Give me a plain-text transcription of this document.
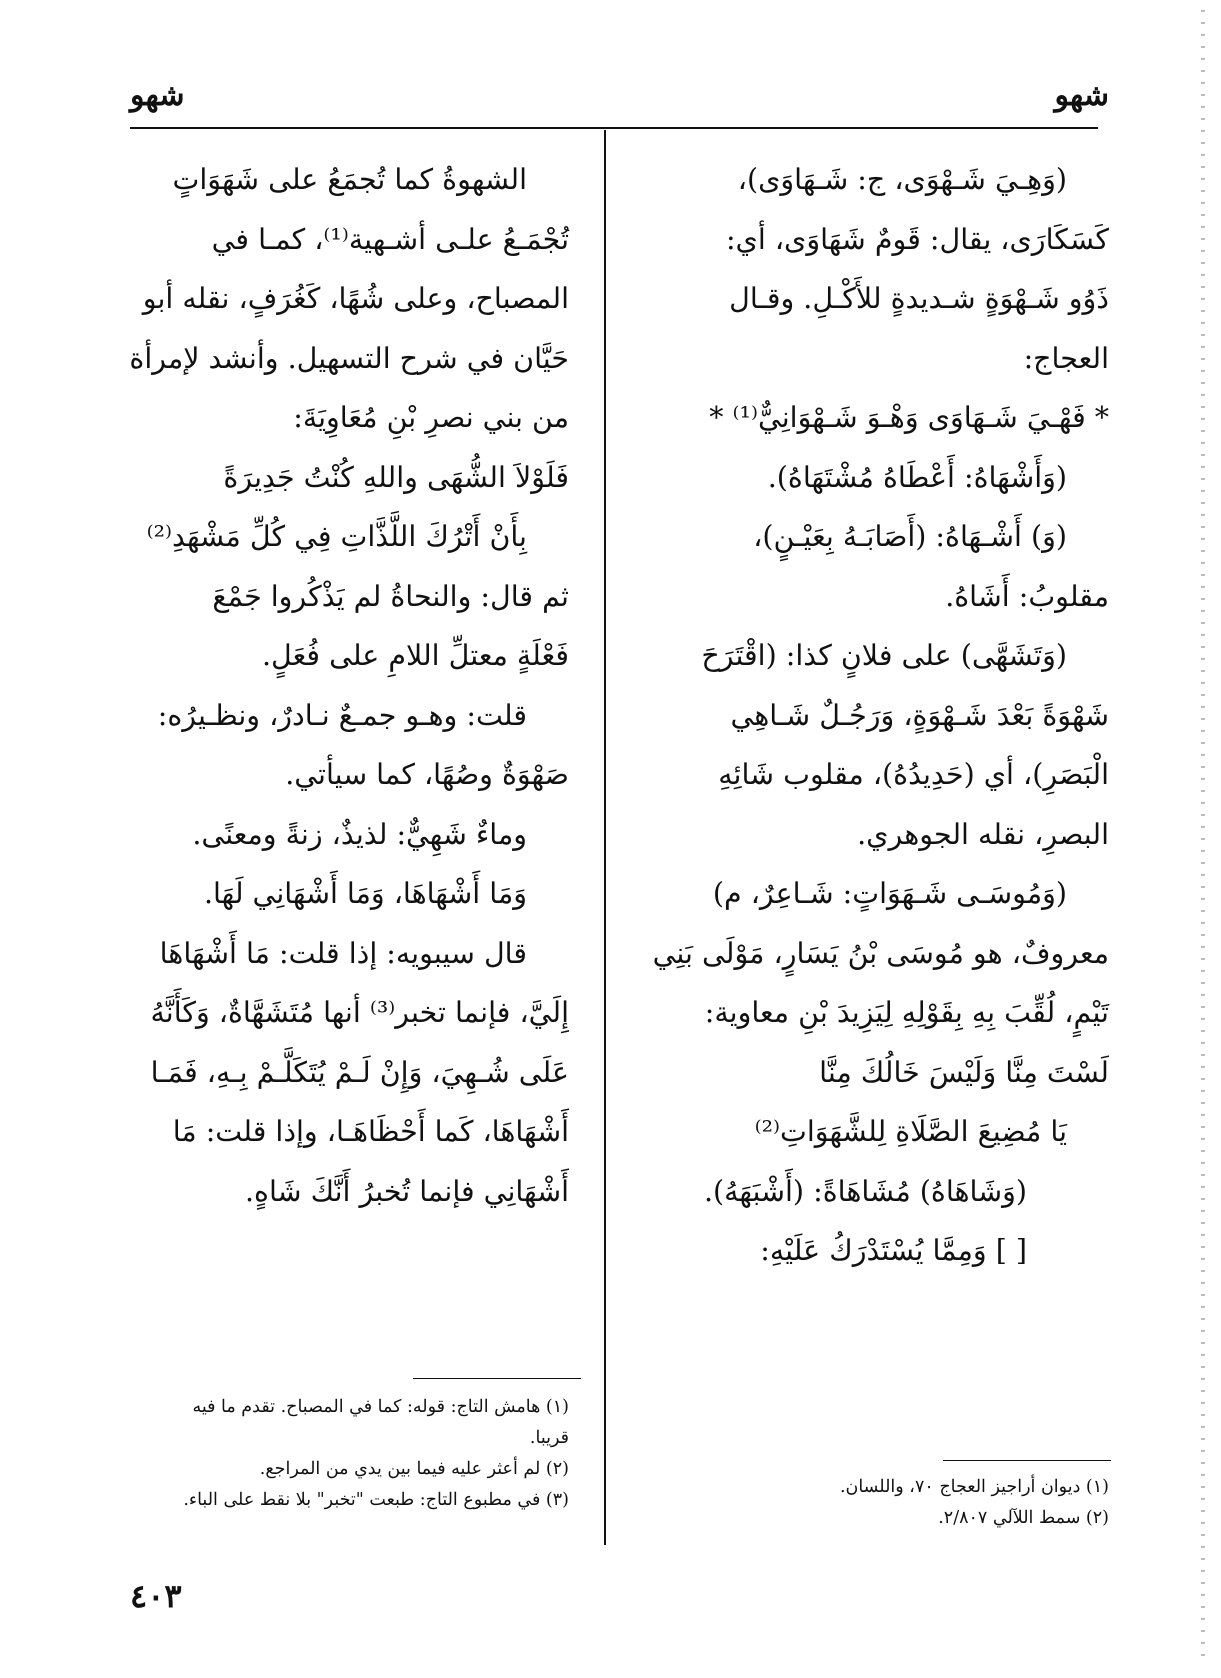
شهو
شهو
(وَهِـيَ شَـهْوَى، ج: شَـهَاوَى)،
كَسَكَارَى، يقال: قَومٌ شَهَاوَى، أي:
ذَوُو شَـهْوَةٍ شـديدةٍ للأَكْـلِ. وقـال
العجاج:
* فَهْـيَ شَـهَاوَى وَهْـوَ شَـهْوَانِيٌّ⁽¹⁾ *
(وَأَشْهَاهُ: أَعْطَاهُ مُشْتَهَاهُ).
(وَ) أَشْـهَاهُ: (أَصَابَـهُ بِعَيْـنٍ)،
مقلوبُ: أَشَاهُ.
(وَتَشَهَّى) على فلانٍ كذا: (اقْتَرَحَ
شَهْوَةً بَعْدَ شَـهْوَةٍ، وَرَجُـلٌ شَـاهِي
الْبَصَرِ)، أي (حَدِيدُهُ)، مقلوب شَائِهِ
البصرِ، نقله الجوهري.
(وَمُوسَـى شَـهَوَاتٍ: شَـاعِرٌ، م)
معروفٌ، هو مُوسَى بْنُ يَسَارٍ، مَوْلَى بَنِي
تَيْمٍ، لُقِّبَ بِهِ بِقَوْلِهِ لِيَزِيدَ بْنِ معاوية:
لَسْتَ مِنَّا وَلَيْسَ خَالُكَ مِنَّا
يَا مُضِيعَ الصَّلَاةِ لِلشَّهَوَاتِ⁽²⁾
(وَشَاهَاهُ) مُشَاهَاةً: (أَشْبَهَهُ).
[ ] وَمِمَّا يُسْتَدْرَكُ عَلَيْهِ:
الشهوةُ كما تُجمَعُ على شَهَوَاتٍ
تُجْمَـعُ علـى أشـهية⁽¹⁾، كمـا في
المصباح، وعلى شُهًا، كَغُرَفٍ، نقله أبو
حَيَّان في شرح التسهيل. وأنشد لإمرأة
من بني نصرِ بْنِ مُعَاوِيَةَ:
فَلَوْلاَ الشُّهَى واللهِ كُنْتُ جَدِيرَةً
بِأَنْ أَتْرُكَ اللَّذَّاتِ فِي كُلِّ مَشْهَدِ⁽²⁾
ثم قال: والنحاةُ لم يَذْكُروا جَمْعَ
فَعْلَةٍ معتلِّ اللامِ على فُعَلٍ.
قلت: وهـو جمـعٌ نـادرٌ، ونظـيرُه:
صَهْوَةٌ وصُهًا، كما سيأتي.
وماءٌ شَهِيٌّ: لذيذٌ، زنةً ومعنًى.
وَمَا أَشْهَاهَا، وَمَا أَشْهَانِي لَهَا.
قال سيبويه: إذا قلت: مَا أَشْهَاهَا
إِلَيَّ، فإنما تخبر⁽³⁾ أنها مُتَشَهَّاةٌ، وَكَأَنَّهُ
عَلَى شُـهِيَ، وَإِنْ لَـمْ يُتَكَلَّـمْ بِـهِ، فَمَـا
أَشْهَاهَا، كَما أَحْظَاهَـا، وإذا قلت: مَا
أَشْهَانِي فإنما تُخبرُ أَنَّكَ شَاهٍ.
(١) ديوان أراجيز العجاج ٧٠، واللسان.
(٢) سمط اللآلي ٢/٨٠٧.
(١) هامش التاج: قوله: كما في المصباح. تقدم ما فيه
قريبا.
(٢) لم أعثر عليه فيما بين يدي من المراجع.
(٣) في مطبوع التاج: طبعت "تخبر" بلا نقط على الباء.
٤٠٣
